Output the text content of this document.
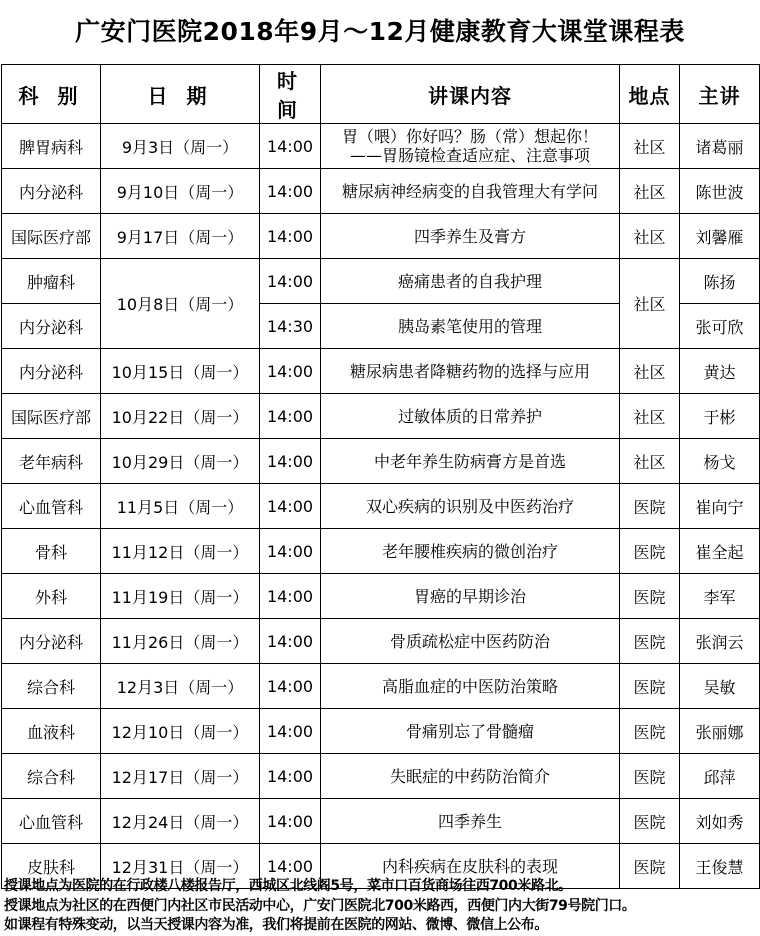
广安门医院2018年9月～12月健康教育大课堂课程表
科 别	日 期	时 间	讲课内容	地点	主讲
脾胃病科	9月3日（周一）	14:00	胃（喂）你好吗？肠（常）想起你！
——胃肠镜检查适应症、注意事项	社区	诸葛丽
内分泌科	9月10日（周一）	14:00	糖尿病神经病变的自我管理大有学问	社区	陈世波
国际医疗部	9月17日（周一）	14:00	四季养生及膏方	社区	刘馨雁
肿瘤科	10月8日（周一）	14:00	癌痛患者的自我护理	社区	陈扬
内分泌科		14:30	胰岛素笔使用的管理		张可欣
内分泌科	10月15日（周一）	14:00	糖尿病患者降糖药物的选择与应用	社区	黄达
国际医疗部	10月22日（周一）	14:00	过敏体质的日常养护	社区	于彬
老年病科	10月29日（周一）	14:00	中老年养生防病膏方是首选	社区	杨戈
心血管科	11月5日（周一）	14:00	双心疾病的识别及中医药治疗	医院	崔向宁
骨科	11月12日（周一）	14:00	老年腰椎疾病的微创治疗	医院	崔全起
外科	11月19日（周一）	14:00	胃癌的早期诊治	医院	李军
内分泌科	11月26日（周一）	14:00	骨质疏松症中医药防治	医院	张润云
综合科	12月3日（周一）	14:00	高脂血症的中医防治策略	医院	吴敏
血液科	12月10日（周一）	14:00	骨痛别忘了骨髓瘤	医院	张丽娜
综合科	12月17日（周一）	14:00	失眠症的中药防治简介	医院	邱萍
心血管科	12月24日（周一）	14:00	四季养生	医院	刘如秀
皮肤科	12月31日（周一）	14:00	内科疾病在皮肤科的表现	医院	王俊慧
授课地点为医院的在行政楼八楼报告厅，西城区北线阁5号，菜市口百货商场往西700米路北。
授课地点为社区的在西便门内社区市民活动中心，广安门医院北700米路西，西便门内大街79号院门口。
如课程有特殊变动，以当天授课内容为准，我们将提前在医院的网站、微博、微信上公布。
